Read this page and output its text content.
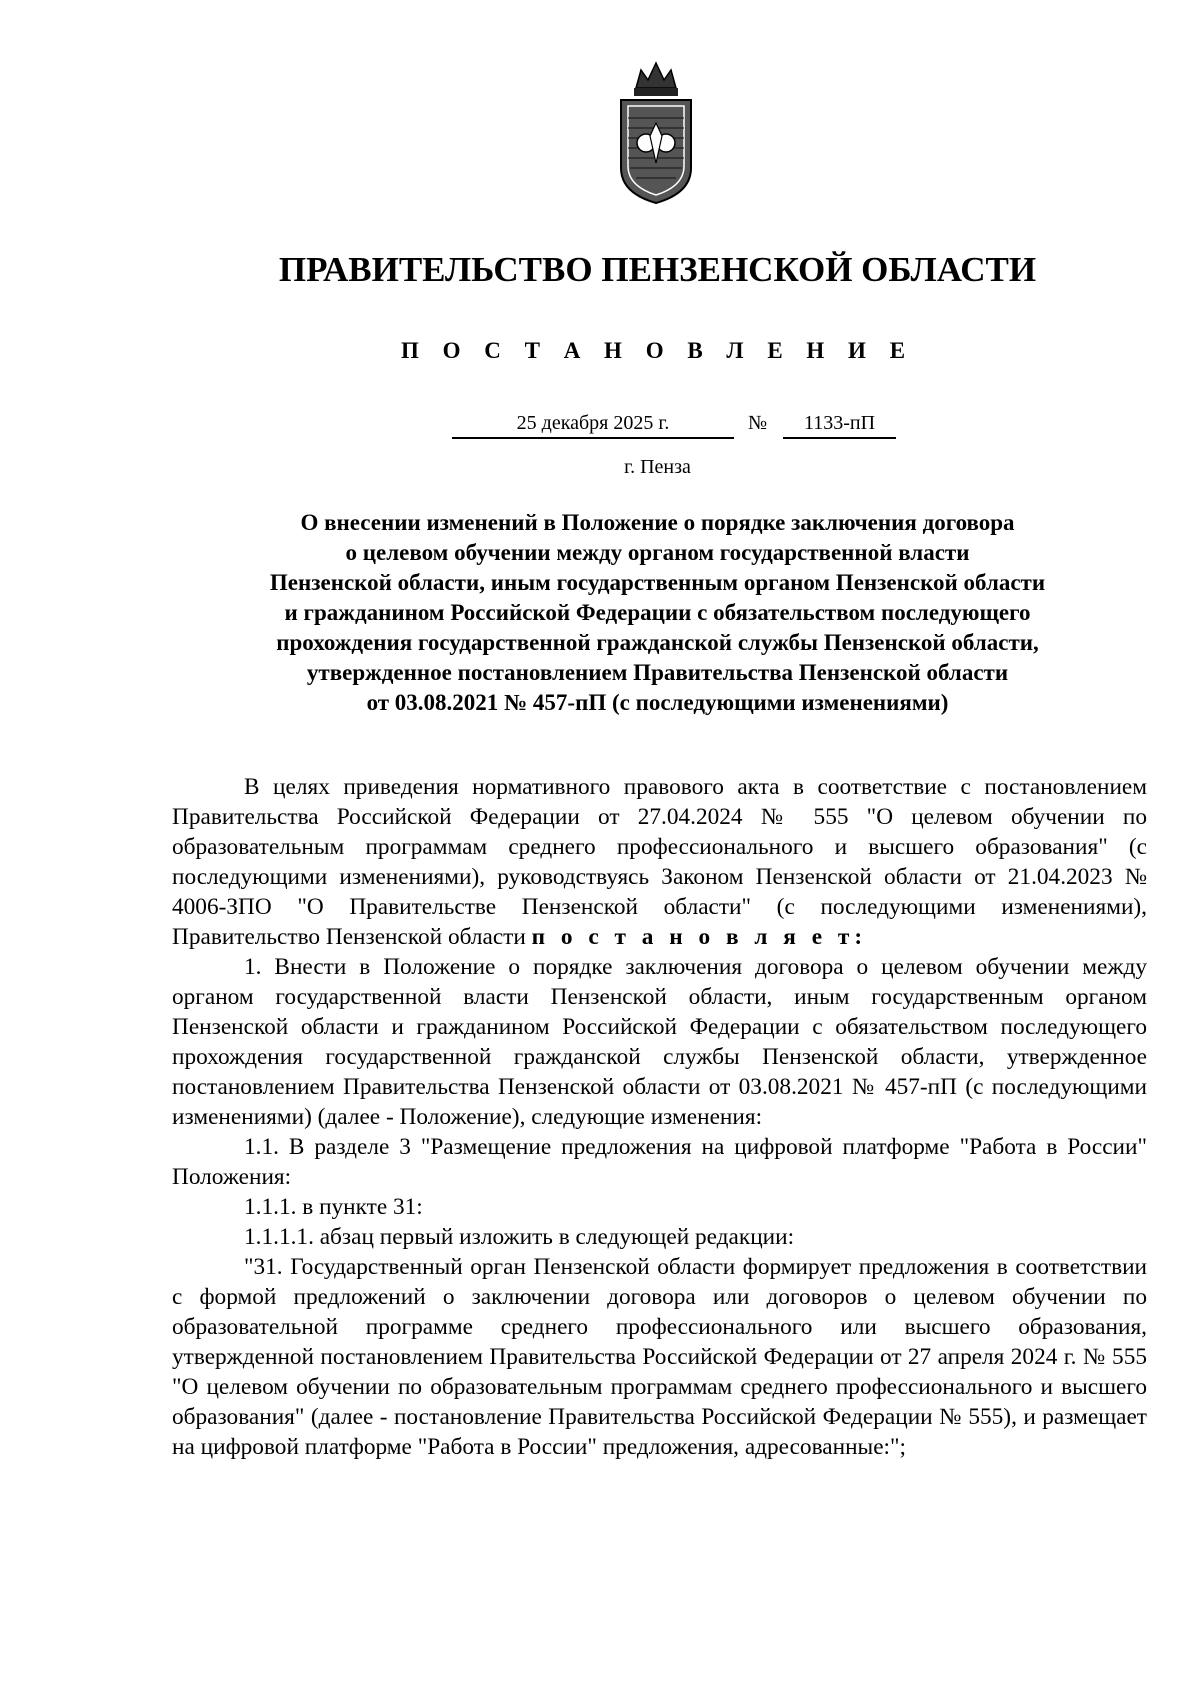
ПРАВИТЕЛЬСТВО ПЕНЗЕНСКОЙ ОБЛАСТИ
П О С Т А Н О В Л Е Н И Е
25 декабря 2025 г.	№	1133-пП
г. Пенза
О внесении изменений в Положение о порядке заключения договора
о целевом обучении между органом государственной власти
Пензенской области, иным государственным органом Пензенской области
и гражданином Российской Федерации с обязательством последующего
прохождения государственной гражданской службы Пензенской области,
утвержденное постановлением Правительства Пензенской области
от 03.08.2021 № 457-пП (с последующими изменениями)

В целях приведения нормативного правового акта в соответствие с постановлением Правительства Российской Федерации от 27.04.2024 № 555 "О целевом обучении по образовательным программам среднего профессионального и высшего образования" (с последующими изменениями), руководствуясь Законом Пензенской области от 21.04.2023 № 4006-ЗПО "О Правительстве Пензенской области" (с последующими изменениями), Правительство Пензенской области п о с т а н о в л я е т:

1. Внести в Положение о порядке заключения договора о целевом обучении между органом государственной власти Пензенской области, иным государственным органом Пензенской области и гражданином Российской Федерации с обязательством последующего прохождения государственной гражданской службы Пензенской области, утвержденное постановлением Правительства Пензенской области от 03.08.2021 № 457-пП (с последующими изменениями) (далее - Положение), следующие изменения:

1.1. В разделе 3 "Размещение предложения на цифровой платформе "Работа в России" Положения:

1.1.1. в пункте 31:

1.1.1.1. абзац первый изложить в следующей редакции:

"31. Государственный орган Пензенской области формирует предложения в соответствии с формой предложений о заключении договора или договоров о целевом обучении по образовательной программе среднего профессионального или высшего образования, утвержденной постановлением Правительства Российской Федерации от 27 апреля 2024 г. № 555 "О целевом обучении по образовательным программам среднего профессионального и высшего образования" (далее - постановление Правительства Российской Федерации № 555), и размещает на цифровой платформе "Работа в России" предложения, адресованные:";
